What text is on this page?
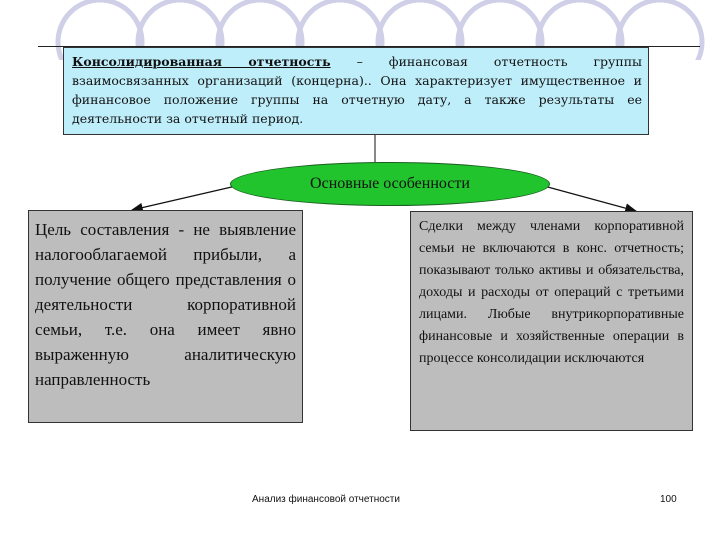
Консолидированная отчетность – финансовая отчетность группы взаимосвязанных организаций (концерна).. Она характеризует имущественное и финансовое положение группы на отчетную дату, а также результаты ее деятельности за отчетный период.
Основные особенности
Цель составления - не выявление налогооблагаемой прибыли, а получение общего представления о деятельности корпоративной семьи, т.е. она имеет явно выраженную аналитическую направленность
Сделки между членами корпоративной семьи не включаются в конс. отчетность; показывают только активы и обязательства, доходы и расходы от операций с третьими лицами. Любые внутрикорпоративные финансовые и хозяйственные операции в процессе консолидации исключаются
Анализ финансовой отчетности	100
